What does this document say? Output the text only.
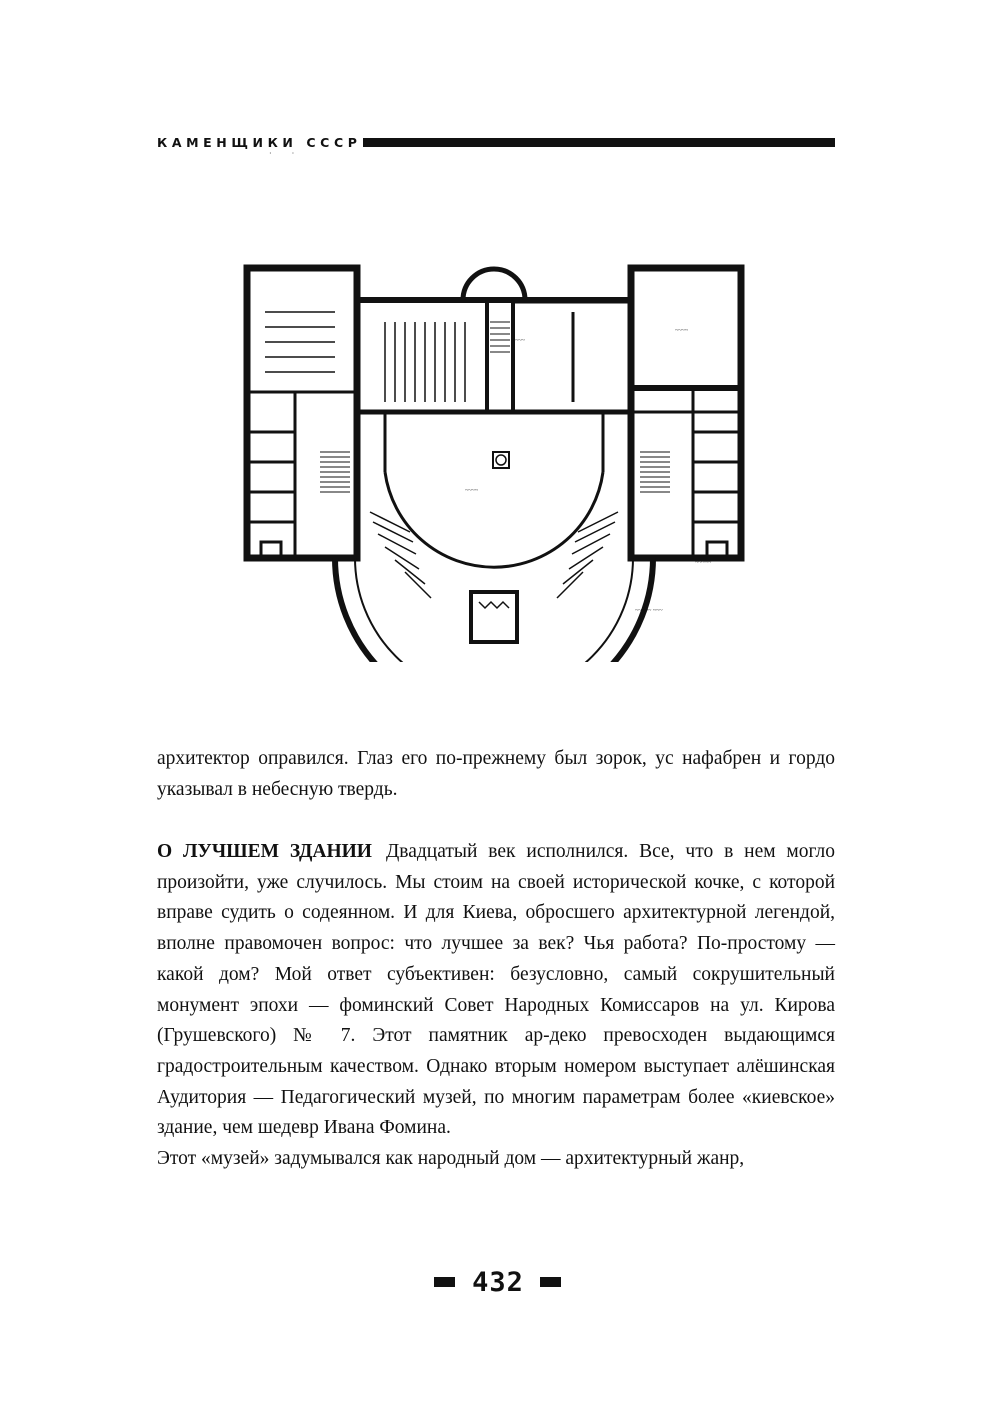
КАМЕНЩИКИ СССР
··
~~~
~~~~
~~~~
~~~~~~~~	~~~~~
~~~~~ ~~~

архитектор оправился. Глаз его по-прежнему был зорок, ус нафабрен и гордо указывал в небесную твердь.

О ЛУЧШЕМ ЗДАНИИ Двадцатый век исполнился. Все, что в нем могло произойти, уже случилось. Мы стоим на своей исторической кочке, с которой вправе судить о содеянном. И для Киева, обросшего архитектурной легендой, вполне правомочен вопрос: что лучшее за век? Чья работа? По-простому — какой дом? Мой ответ субъективен: безусловно, самый сокрушительный монумент эпохи — фоминский Совет Народных Комиссаров на ул. Кирова (Грушевского) № 7. Этот памятник ар-деко превосходен выдающимся градостроительным качеством. Однако вторым номером выступает алёшинская Аудитория — Педагогический музей, по многим параметрам более «киевское» здание, чем шедевр Ивана Фомина.

Этот «музей» задумывался как народный дом — архитектурный жанр,

432
